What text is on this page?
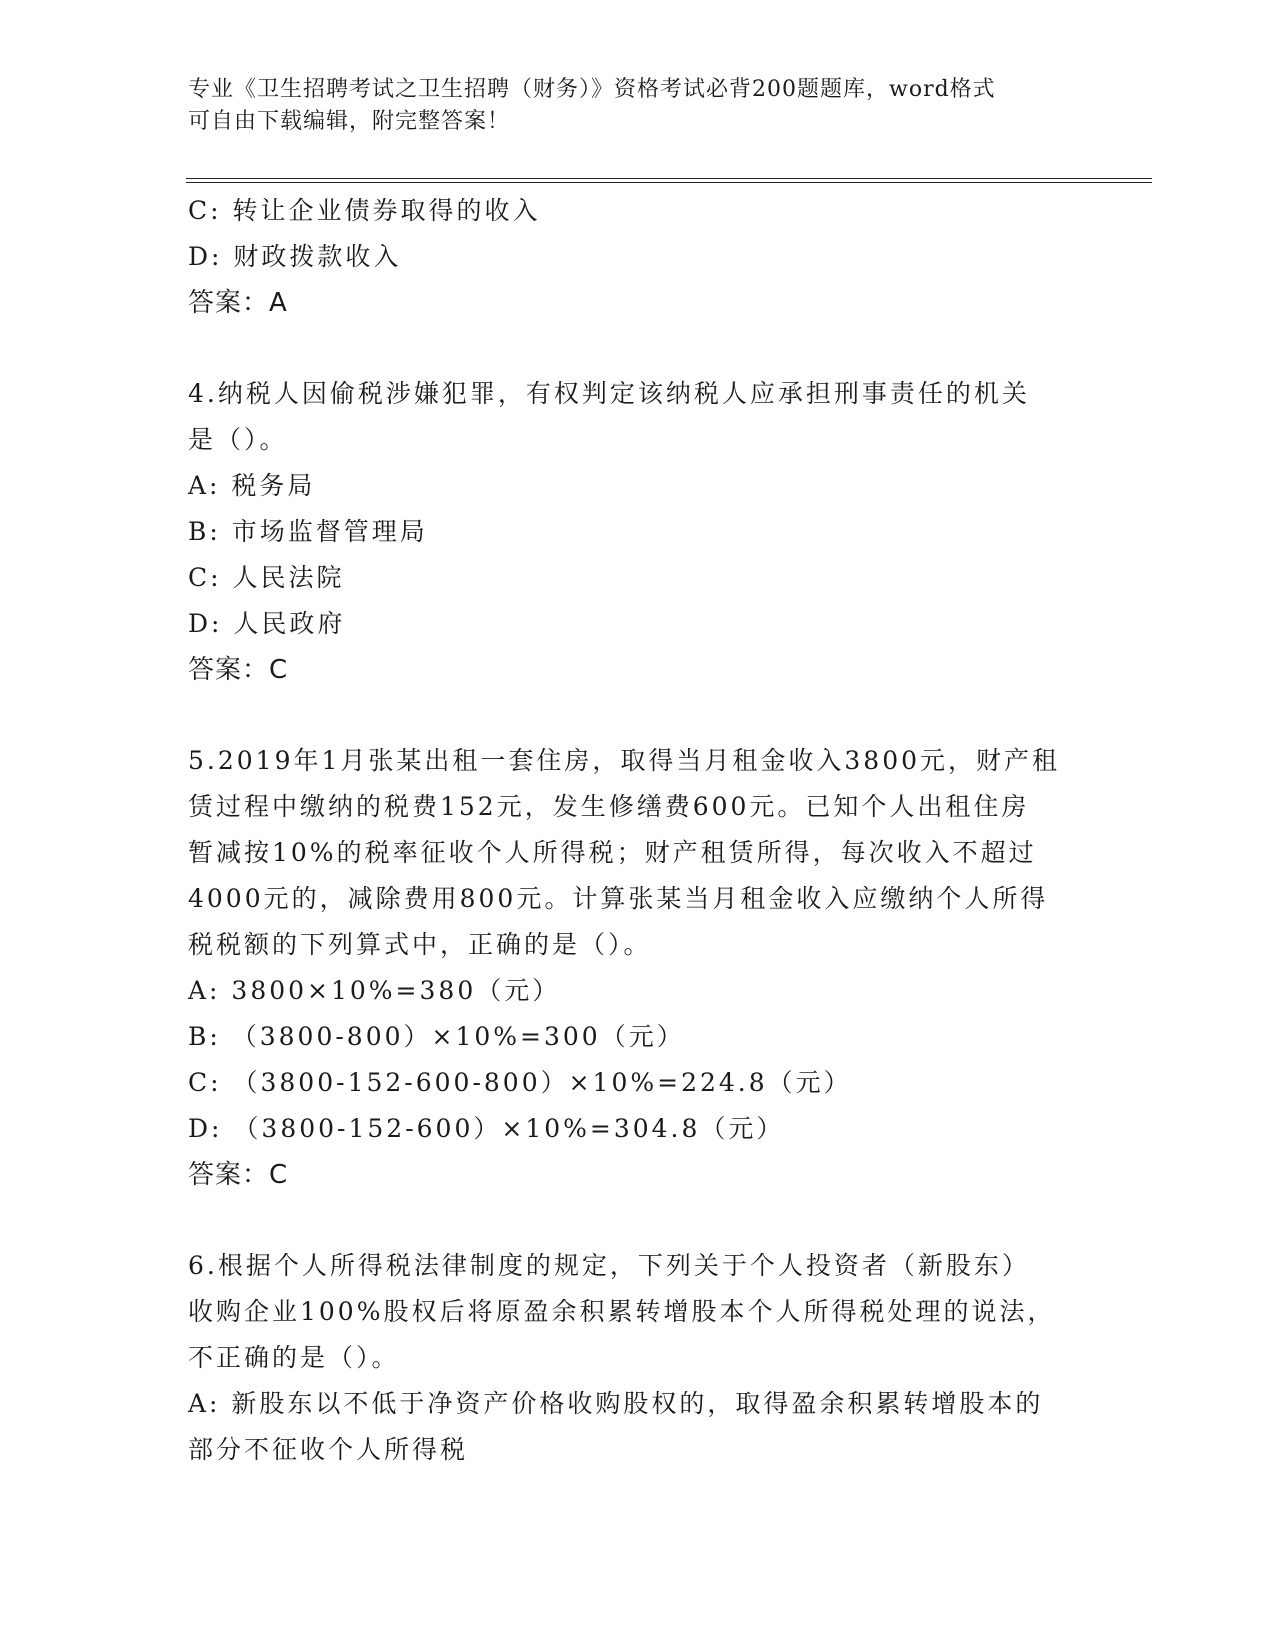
专业《卫生招聘考试之卫生招聘（财务）》资格考试必背200题题库，word格式
可自由下载编辑，附完整答案！
C: 转让企业债券取得的收入
D: 财政拨款收入
答案：A
4.纳税人因偷税涉嫌犯罪，有权判定该纳税人应承担刑事责任的机关
是（）。
A: 税务局
B: 市场监督管理局
C: 人民法院
D: 人民政府
答案：C
5.2019年1月张某出租一套住房，取得当月租金收入3800元，财产租
赁过程中缴纳的税费152元，发生修缮费600元。已知个人出租住房
暂减按10%的税率征收个人所得税；财产租赁所得，每次收入不超过
4000元的，减除费用800元。计算张某当月租金收入应缴纳个人所得
税税额的下列算式中，正确的是（）。
A: 3800×10%=380（元）
B: （3800-800）×10%=300（元）
C: （3800-152-600-800）×10%=224.8（元）
D: （3800-152-600）×10%=304.8（元）
答案：C
6.根据个人所得税法律制度的规定，下列关于个人投资者（新股东）
收购企业100%股权后将原盈余积累转增股本个人所得税处理的说法，
不正确的是（）。
A: 新股东以不低于净资产价格收购股权的，取得盈余积累转增股本的
部分不征收个人所得税
